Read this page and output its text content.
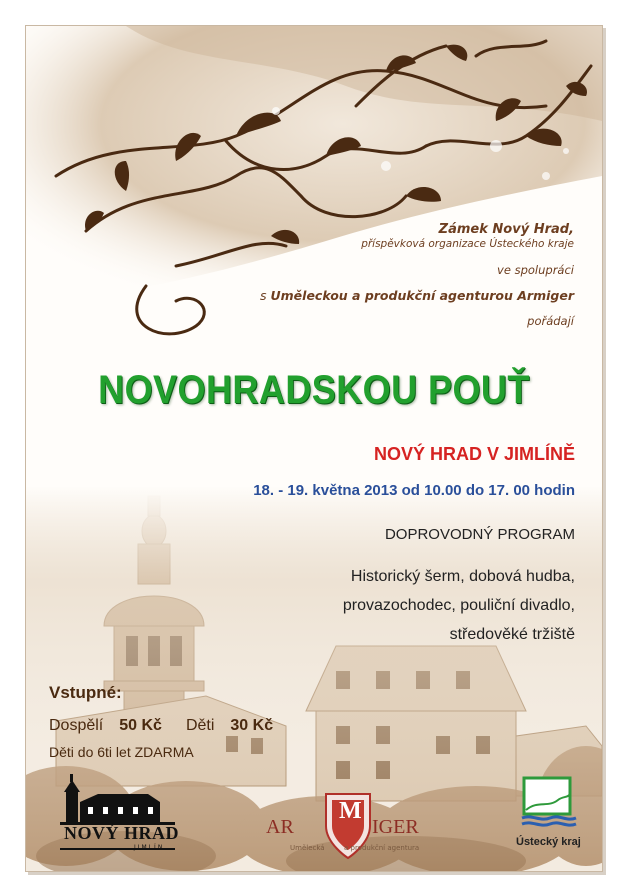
Zámek Nový Hrad,
příspěvková organizace Ústeckého kraje
ve spolupráci
s Uměleckou a produkční agenturou Armiger
pořádají
NOVOHRADSKOU POUŤ
NOVÝ HRAD V JIMLÍNĚ
18. - 19. května 2013 od 10.00 do 17. 00 hodin
DOPROVODNÝ PROGRAM
Historický šerm, dobová hudba,
provazochodec, pouliční divadlo,
středověké tržiště
Vstupné:
Dospělí 50 Kč Děti 30 Kč
Děti do 6ti let ZDARMA
NOVÝ HRAD
JIMLÍN
AR
M
IGER
Umělecká	a produkční agentura	Ústecký kraj
